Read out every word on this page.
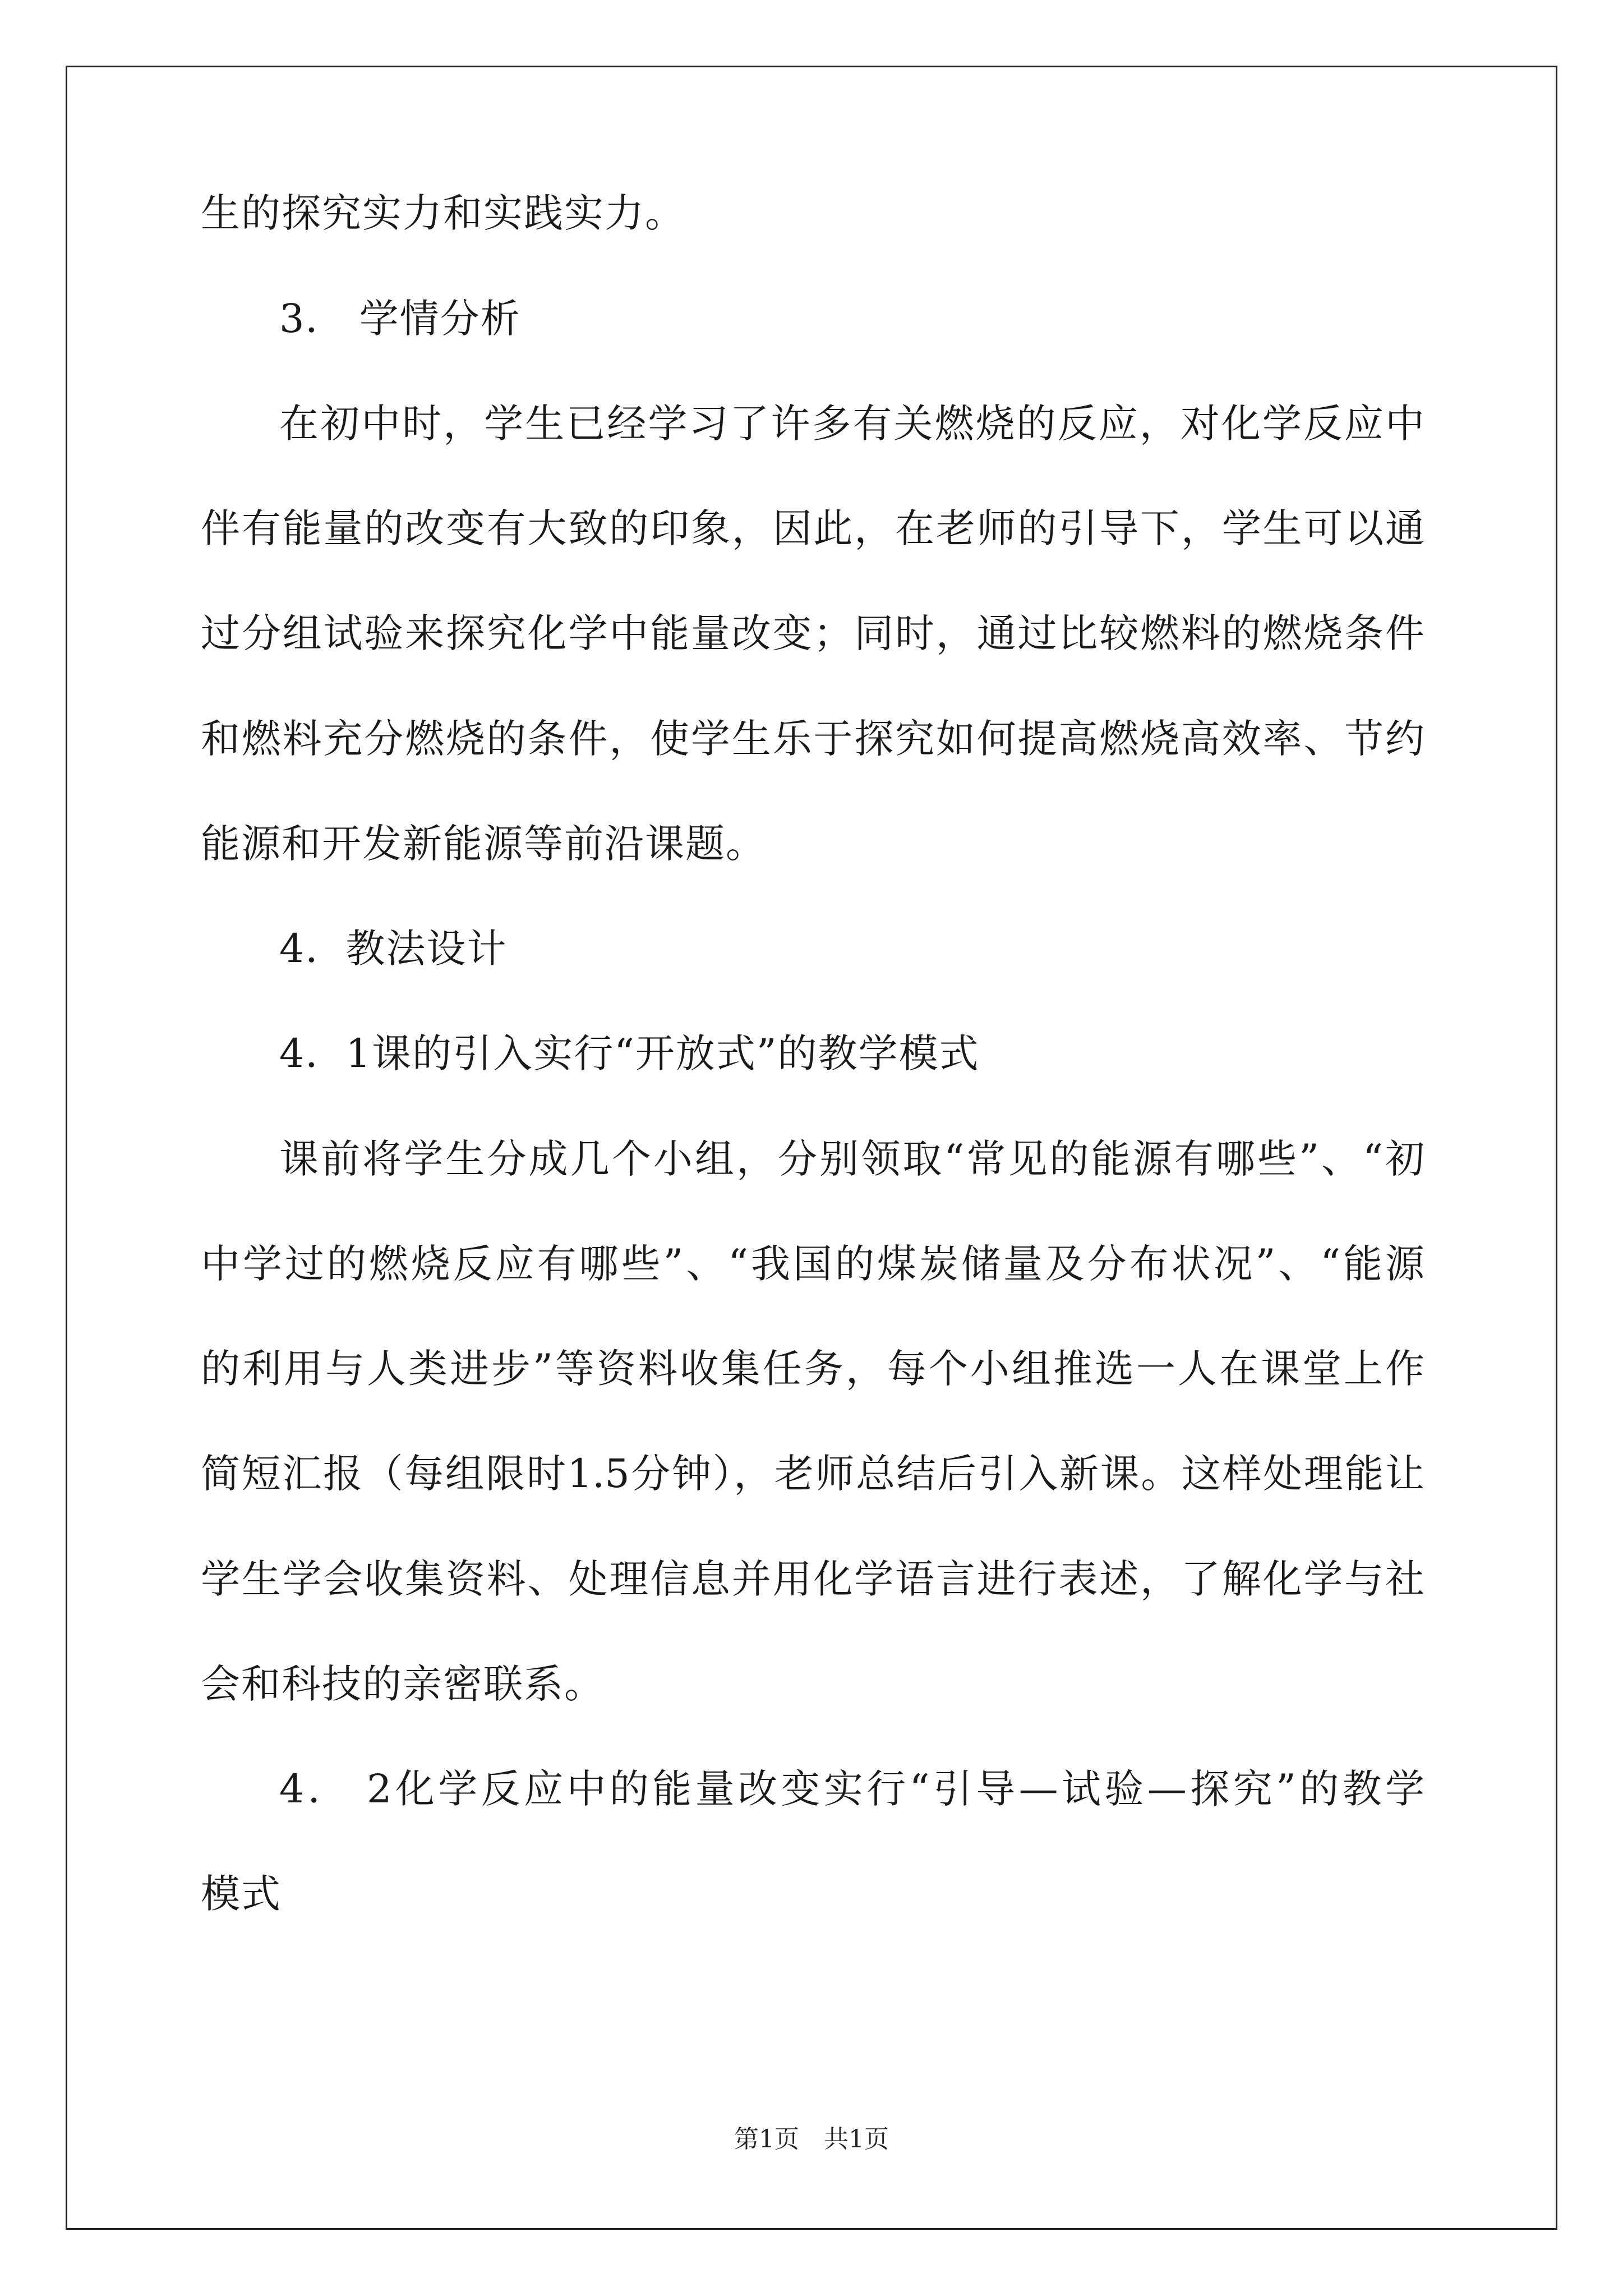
生的探究实力和实践实力。
3． 学情分析
在初中时，学生已经学习了许多有关燃烧的反应，对化学反应中
伴有能量的改变有大致的印象，因此，在老师的引导下，学生可以通
过分组试验来探究化学中能量改变；同时，通过比较燃料的燃烧条件
和燃料充分燃烧的条件，使学生乐于探究如何提高燃烧高效率、节约
能源和开发新能源等前沿课题。
4．教法设计
4．1课的引入实行“开放式”的教学模式
课前将学生分成几个小组，分别领取“常见的能源有哪些”、“初
中学过的燃烧反应有哪些”、“我国的煤炭储量及分布状况”、“能源
的利用与人类进步”等资料收集任务，每个小组推选一人在课堂上作
简短汇报（每组限时1.5分钟），老师总结后引入新课。这样处理能让
学生学会收集资料、处理信息并用化学语言进行表述，了解化学与社
会和科技的亲密联系。
4． 2化学反应中的能量改变实行“引导—试验—探究”的教学
模式
第1页　共1页
